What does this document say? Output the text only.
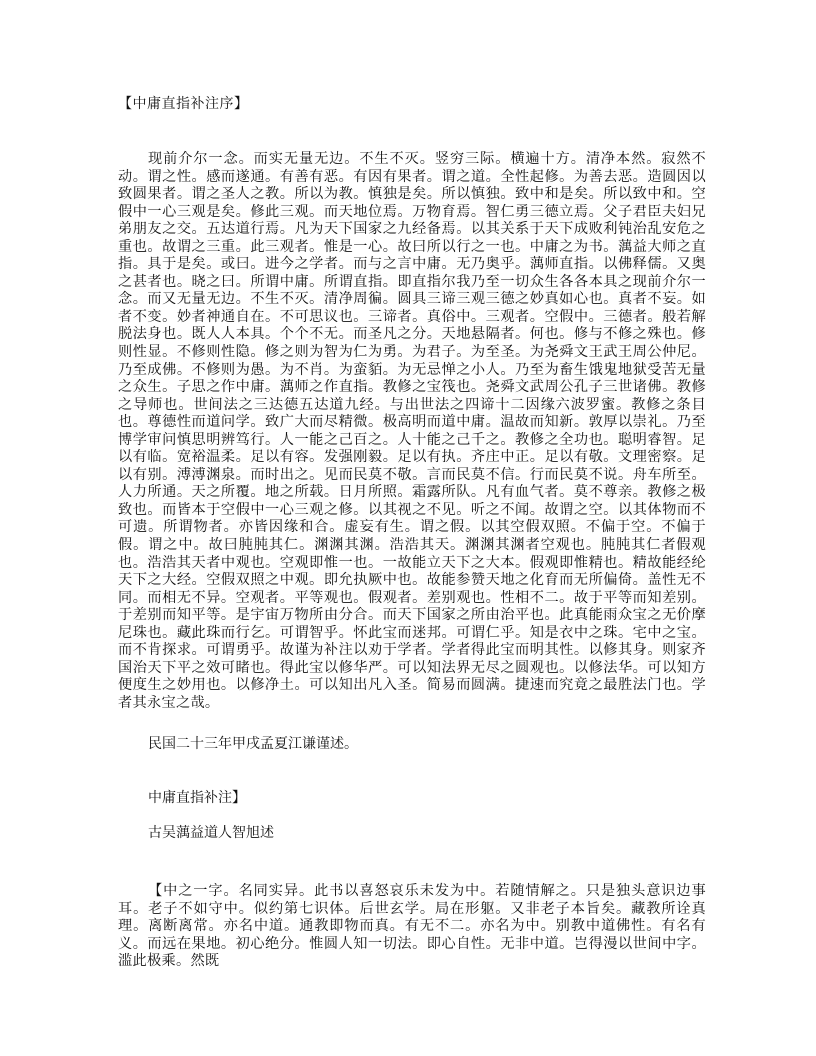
【中庸直指补注序】
现前介尔一念。而实无量无边。不生不灭。竖穷三际。横遍十方。清净本然。寂然不动。谓之性。感而遂通。有善有恶。有因有果者。谓之道。全性起修。为善去恶。造圆因以致圆果者。谓之圣人之教。所以为教。慎独是矣。所以慎独。致中和是矣。所以致中和。空假中一心三观是矣。修此三观。而天地位焉。万物育焉。智仁勇三德立焉。父子君臣夫妇兄弟朋友之交。五达道行焉。凡为天下国家之九经备焉。以其关系于天下成败利钝治乱安危之重也。故谓之三重。此三观者。惟是一心。故曰所以行之一也。中庸之为书。蕅益大师之直指。具于是矣。或曰。进今之学者。而与之言中庸。无乃奥乎。蕅师直指。以佛释儒。又奥之甚者也。晓之曰。所谓中庸。所谓直指。即直指尔我乃至一切众生各各本具之现前介尔一念。而又无量无边。不生不灭。清净周徧。圆具三谛三观三德之妙真如心也。真者不妄。如者不变。妙者神通自在。不可思议也。三谛者。真俗中。三观者。空假中。三德者。般若解脱法身也。既人人本具。个个不无。而圣凡之分。天地悬隔者。何也。修与不修之殊也。修则性显。不修则性隐。修之则为智为仁为勇。为君子。为至圣。为尧舜文王武王周公仲尼。乃至成佛。不修则为愚。为不肖。为蛮貊。为无忌惮之小人。乃至为畜生饿鬼地狱受苦无量之众生。子思之作中庸。蕅师之作直指。教修之宝筏也。尧舜文武周公孔子三世诸佛。教修之导师也。世间法之三达德五达道九经。与出世法之四谛十二因缘六波罗蜜。教修之条目也。尊德性而道问学。致广大而尽精微。极高明而道中庸。温故而知新。敦厚以崇礼。乃至博学审问慎思明辨笃行。人一能之己百之。人十能之己千之。教修之全功也。聪明睿智。足以有临。宽裕温柔。足以有容。发强刚毅。足以有执。齐庄中正。足以有敬。文理密察。足以有别。溥溥渊泉。而时出之。见而民莫不敬。言而民莫不信。行而民莫不说。舟车所至。人力所通。天之所覆。地之所载。日月所照。霜露所队。凡有血气者。莫不尊亲。教修之极致也。而皆本于空假中一心三观之修。以其视之不见。听之不闻。故谓之空。以其体物而不可遗。所谓物者。亦皆因缘和合。虚妄有生。谓之假。以其空假双照。不偏于空。不偏于假。谓之中。故曰肫肫其仁。渊渊其渊。浩浩其天。渊渊其渊者空观也。肫肫其仁者假观也。浩浩其天者中观也。空观即惟一也。一故能立天下之大本。假观即惟精也。精故能经纶天下之大经。空假双照之中观。即允执厥中也。故能参赞天地之化育而无所偏倚。盖性无不同。而相无不异。空观者。平等观也。假观者。差别观也。性相不二。故于平等而知差别。于差别而知平等。是宇宙万物所由分合。而天下国家之所由治平也。此真能雨众宝之无价摩尼珠也。藏此珠而行乞。可谓智乎。怀此宝而迷邦。可谓仁乎。知是衣中之珠。宅中之宝。而不肯探求。可谓勇乎。故谨为补注以劝于学者。学者得此宝而明其性。以修其身。则家齐国治天下平之效可睹也。得此宝以修华严。可以知法界无尽之圆观也。以修法华。可以知方便度生之妙用也。以修净土。可以知出凡入圣。简易而圆满。捷速而究竟之最胜法门也。学者其永宝之哉。
民国二十三年甲戌孟夏江谦谨述。
中庸直指补注】
古吴蕅益道人智旭述
【中之一字。名同实异。此书以喜怒哀乐未发为中。若随情解之。只是独头意识边事耳。老子不如守中。似约第七识体。后世玄学。局在形躯。又非老子本旨矣。藏教所诠真理。离断离常。亦名中道。通教即物而真。有无不二。亦名为中。别教中道佛性。有名有义。而远在果地。初心绝分。惟圆人知一切法。即心自性。无非中道。岂得漫以世间中字。滥此极乘。然既
